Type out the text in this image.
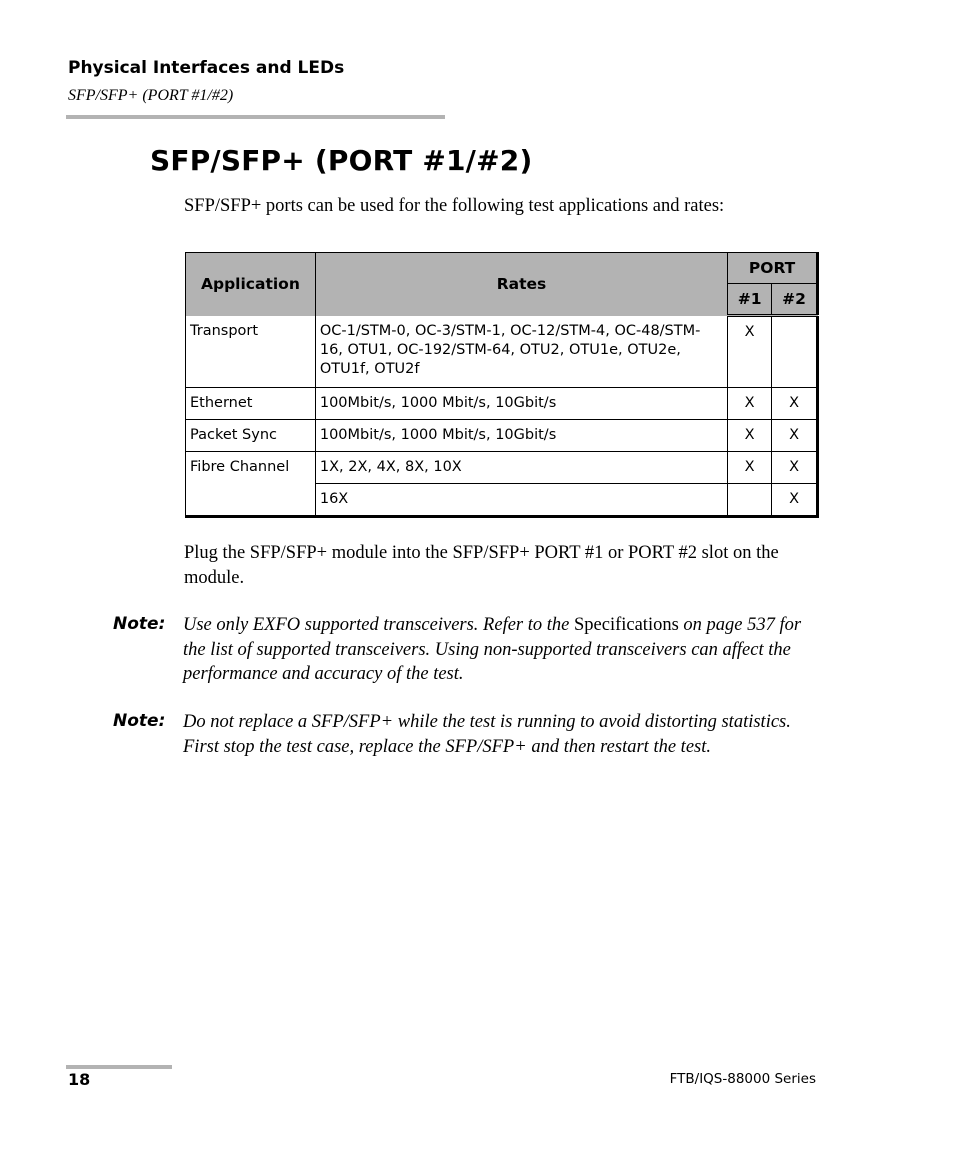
Physical Interfaces and LEDs
SFP/SFP+ (PORT #1/#2)
SFP/SFP+ (PORT #1/#2)
SFP/SFP+ ports can be used for the following test applications and rates:
Application	Rates	PORT	
		#1	#2
Transport	OC-1/STM-0, OC-3/STM-1, OC-12/STM-4, OC-48/STM-16, OTU1, OC-192/STM-64, OTU2, OTU1e, OTU2e, OTU1f, OTU2f	X	
Ethernet	100Mbit/s, 1000 Mbit/s, 10Gbit/s	X	X
Packet Sync	100Mbit/s, 1000 Mbit/s, 10Gbit/s	X	X
Fibre Channel	1X, 2X, 4X, 8X, 10X	X	X
	16X		X
Plug the SFP/SFP+ module into the SFP/SFP+ PORT #1 or PORT #2 slot on the module.
Note: Use only EXFO supported transceivers. Refer to the Specifications on page 537 for the list of supported transceivers. Using non-supported transceivers can affect the performance and accuracy of the test.
Note: Do not replace a SFP/SFP+ while the test is running to avoid distorting statistics. First stop the test case, replace the SFP/SFP+ and then restart the test.
18	FTB/IQS-88000 Series
